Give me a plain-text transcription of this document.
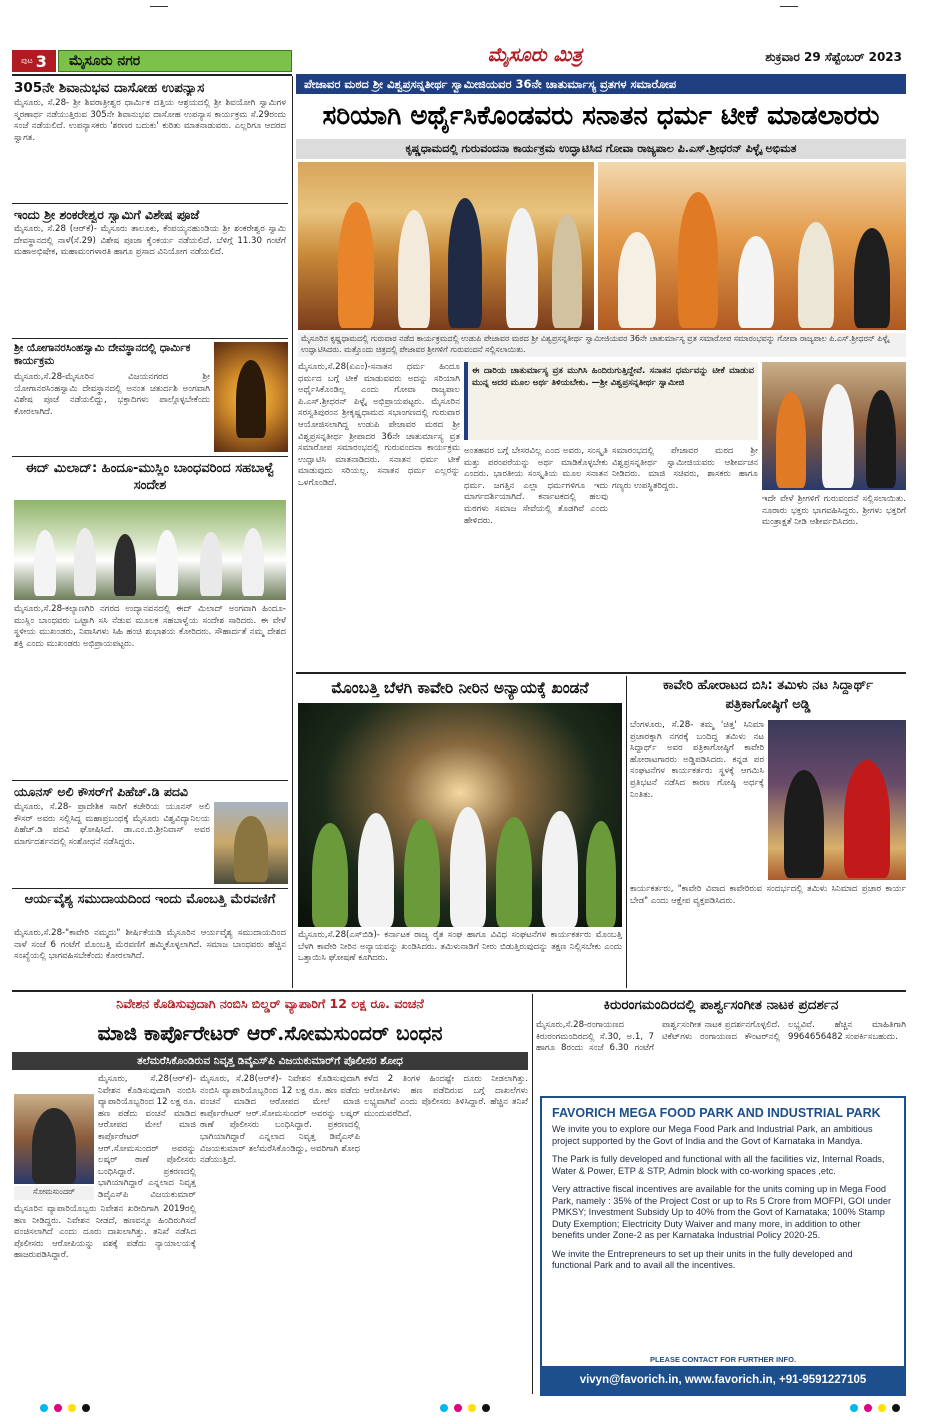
ಪುಟ 3	ಮೈಸೂರು ನಗರ	ಮೈಸೂರು ಮಿತ್ರ	ಶುಕ್ರವಾರ 29 ಸೆಪ್ಟೆಂಬರ್ 2023
305ನೇ ಶಿವಾನುಭವ ದಾಸೋಹ ಉಪನ್ಯಾಸ
ಮೈಸೂರು, ಸೆ.28- ಶ್ರೀ ಶಿವರಾತ್ರೀಶ್ವರ ಧಾರ್ಮಿಕ ದತ್ತಿಯ ಆಶ್ರಯದಲ್ಲಿ ಶ್ರೀ ಶಿವಯೋಗಿ ಸ್ವಾಮಿಗಳ ಸ್ಮರಣಾರ್ಥ ನಡೆಯುತ್ತಿರುವ 305ನೇ ಶಿವಾನುಭವ ದಾಸೋಹ ಉಪನ್ಯಾಸ ಕಾರ್ಯಕ್ರಮ ಸೆ.29ರಂದು ಸಂಜೆ ನಡೆಯಲಿದೆ. ಉಪನ್ಯಾಸಕರು 'ಶರಣರ ಬದುಕು' ಕುರಿತು ಮಾತನಾಡುವರು. ಎಲ್ಲರಿಗೂ ಆದರದ ಸ್ವಾಗತ.
ಇಂದು ಶ್ರೀ ಶಂಕರೇಶ್ವರ ಸ್ವಾಮಿಗೆ ವಿಶೇಷ ಪೂಜೆ
ಮೈಸೂರು, ಸೆ.28 (ಆರ್‌ಕೆ)- ಮೈಸೂರು ತಾಲೂಕು, ಕೆಂಪಯ್ಯನಹುಂಡಿಯ ಶ್ರೀ ಶಂಕರೇಶ್ವರ ಸ್ವಾಮಿ ದೇವಸ್ಥಾನದಲ್ಲಿ ನಾಳೆ(ಸೆ.29) ವಿಶೇಷ ಪೂಜಾ ಕೈಂಕರ್ಯ ನಡೆಯಲಿದೆ. ಬೆಳಿಗ್ಗೆ 11.30 ಗಂಟೆಗೆ ಮಹಾಅಭಿಷೇಕ, ಮಹಾಮಂಗಳಾರತಿ ಹಾಗೂ ಪ್ರಸಾದ ವಿನಿಯೋಗ ನಡೆಯಲಿದೆ.
ಶ್ರೀ ಯೋಗಾನರಸಿಂಹಸ್ವಾಮಿ ದೇವಸ್ಥಾನದಲ್ಲಿ ಧಾರ್ಮಿಕ ಕಾರ್ಯಕ್ರಮ
ಮೈಸೂರು,ಸೆ.28-ಮೈಸೂರಿನ ವಿಜಯನಗರದ ಶ್ರೀ ಯೋಗಾನರಸಿಂಹಸ್ವಾಮಿ ದೇವಸ್ಥಾನದಲ್ಲಿ ಅನಂತ ಚತುರ್ದಶಿ ಅಂಗವಾಗಿ ವಿಶೇಷ ಪೂಜೆ ನಡೆಯಲಿದ್ದು, ಭಕ್ತಾದಿಗಳು ಪಾಲ್ಗೊಳ್ಳಬೇಕೆಂದು ಕೋರಲಾಗಿದೆ.
ಈದ್ ಮಿಲಾದ್: ಹಿಂದೂ-ಮುಸ್ಲಿಂ ಬಾಂಧವರಿಂದ ಸಹಬಾಳ್ವೆ ಸಂದೇಶ
ಮೈಸೂರು,ಸೆ.28-ಕಲ್ಯಾಣಗಿರಿ ನಗರದ ಉದ್ಯಾನವನದಲ್ಲಿ ಈದ್ ಮಿಲಾದ್ ಅಂಗವಾಗಿ ಹಿಂದೂ-ಮುಸ್ಲಿಂ ಬಾಂಧವರು ಒಟ್ಟಾಗಿ ಸಸಿ ನೆಡುವ ಮೂಲಕ ಸಹಬಾಳ್ವೆಯ ಸಂದೇಶ ಸಾರಿದರು. ಈ ವೇಳೆ ಸ್ಥಳೀಯ ಮುಖಂಡರು, ನಿವಾಸಿಗಳು ಸಿಹಿ ಹಂಚಿ ಶುಭಾಶಯ ಕೋರಿದರು. ಸೌಹಾರ್ದತೆ ನಮ್ಮ ದೇಶದ ಶಕ್ತಿ ಎಂದು ಮುಖಂಡರು ಅಭಿಪ್ರಾಯಪಟ್ಟರು.
ಯೂನಸ್ ಅಲಿ ಕೌಸರ್‌ಗೆ ಪಿಹೆಚ್.ಡಿ ಪದವಿ
ಮೈಸೂರು, ಸೆ.28- ಪ್ರಾದೇಶಿಕ ಸಾರಿಗೆ ಕಚೇರಿಯ ಯೂನಸ್ ಅಲಿ ಕೌಸರ್ ಅವರು ಸಲ್ಲಿಸಿದ್ದ ಮಹಾಪ್ರಬಂಧಕ್ಕೆ ಮೈಸೂರು ವಿಶ್ವವಿದ್ಯಾನಿಲಯ ಪಿಹೆಚ್.ಡಿ ಪದವಿ ಘೋಷಿಸಿದೆ. ಡಾ.ಎಂ.ಬಿ.ಶ್ರೀನಿವಾಸ್ ಅವರ ಮಾರ್ಗದರ್ಶನದಲ್ಲಿ ಸಂಶೋಧನೆ ನಡೆಸಿದ್ದರು.
ಆರ್ಯವೈಶ್ಯ ಸಮುದಾಯದಿಂದ ಇಂದು ಮೊಂಬತ್ತಿ ಮೆರವಣಿಗೆ
ಮೈಸೂರು,ಸೆ.28-"ಕಾವೇರಿ ನಮ್ಮದು" ಶೀರ್ಷಿಕೆಯಡಿ ಮೈಸೂರಿನ ಆರ್ಯವೈಶ್ಯ ಸಮುದಾಯದಿಂದ ನಾಳೆ ಸಂಜೆ 6 ಗಂಟೆಗೆ ಮೊಂಬತ್ತಿ ಮೆರವಣಿಗೆ ಹಮ್ಮಿಕೊಳ್ಳಲಾಗಿದೆ. ಸಮಾಜ ಬಾಂಧವರು ಹೆಚ್ಚಿನ ಸಂಖ್ಯೆಯಲ್ಲಿ ಭಾಗವಹಿಸಬೇಕೆಂದು ಕೋರಲಾಗಿದೆ.
ಪೇಜಾವರ ಮಠದ ಶ್ರೀ ವಿಶ್ವಪ್ರಸನ್ನತೀರ್ಥ ಸ್ವಾಮೀಜಿಯವರ 36ನೇ ಚಾತುರ್ಮಾಸ್ಯ ವ್ರತಗಳ ಸಮಾರೋಪ
ಸರಿಯಾಗಿ ಅರ್ಥೈಸಿಕೊಂಡವರು ಸನಾತನ ಧರ್ಮ ಟೀಕೆ ಮಾಡಲಾರರು
ಕೃಷ್ಣಧಾಮದಲ್ಲಿ ಗುರುವಂದನಾ ಕಾರ್ಯಕ್ರಮ ಉದ್ಘಾಟಿಸಿದ ಗೋವಾ ರಾಜ್ಯಪಾಲ ಪಿ.ಎಸ್.ಶ್ರೀಧರನ್ ಪಿಳ್ಳೈ ಅಭಿಮತ
ಮೈಸೂರಿನ ಕೃಷ್ಣಧಾಮದಲ್ಲಿ ಗುರುವಾರ ನಡೆದ ಕಾರ್ಯಕ್ರಮದಲ್ಲಿ ಉಡುಪಿ ಪೇಜಾವರ ಮಠದ ಶ್ರೀ ವಿಶ್ವಪ್ರಸನ್ನತೀರ್ಥ ಸ್ವಾಮೀಜಿಯವರ 36ನೇ ಚಾತುರ್ಮಾಸ್ಯ ವ್ರತ ಸಮಾರೋಪ ಸಮಾರಂಭವನ್ನು ಗೋವಾ ರಾಜ್ಯಪಾಲ ಪಿ.ಎಸ್.ಶ್ರೀಧರನ್ ಪಿಳ್ಳೈ ಉದ್ಘಾಟಿಸಿದರು. ಮತ್ತೊಂದು ಚಿತ್ರದಲ್ಲಿ ಪೇಜಾವರ ಶ್ರೀಗಳಿಗೆ ಗುರುವಂದನೆ ಸಲ್ಲಿಸಲಾಯಿತು.
ಮೈಸೂರು,ಸೆ.28(ಏಎಂ)-ಸನಾತನ ಧರ್ಮ ಹಿಂದೂ ಧರ್ಮದ ಬಗ್ಗೆ ಟೀಕೆ ಮಾಡುವವರು ಅದನ್ನು ಸರಿಯಾಗಿ ಅರ್ಥೈಸಿಕೊಂಡಿಲ್ಲ ಎಂದು ಗೋವಾ ರಾಜ್ಯಪಾಲ ಪಿ.ಎಸ್.ಶ್ರೀಧರನ್ ಪಿಳ್ಳೈ ಅಭಿಪ್ರಾಯಪಟ್ಟರು. ಮೈಸೂರಿನ ಸರಸ್ವತಿಪುರಂನ ಶ್ರೀಕೃಷ್ಣಧಾಮದ ಸಭಾಂಗಣದಲ್ಲಿ ಗುರುವಾರ ಆಯೋಜಿಸಲಾಗಿದ್ದ ಉಡುಪಿ ಪೇಜಾವರ ಮಠದ ಶ್ರೀ ವಿಶ್ವಪ್ರಸನ್ನತೀರ್ಥ ಶ್ರೀಪಾದರ 36ನೇ ಚಾತುರ್ಮಾಸ್ಯ ವ್ರತ ಸಮಾರೋಪ ಸಮಾರಂಭದಲ್ಲಿ ಗುರುವಂದನಾ ಕಾರ್ಯಕ್ರಮ ಉದ್ಘಾಟಿಸಿ ಮಾತನಾಡಿದರು. ಸನಾತನ ಧರ್ಮ ಟೀಕೆ ಮಾಡುವುದು ಸರಿಯಲ್ಲ. ಸನಾತನ ಧರ್ಮ ಎಲ್ಲರನ್ನು ಒಳಗೊಂಡಿದೆ.
ಈ ದಾರಿಯ ಚಾತುರ್ಮಾಸ್ಯ ವ್ರತ ಮುಗಿಸಿ ಹಿಂದಿರುಗುತ್ತಿದ್ದೇವೆ. ಸನಾತನ ಧರ್ಮವನ್ನು ಟೀಕೆ ಮಾಡುವ ಮುನ್ನ ಅದರ ಮೂಲ ಅರ್ಥ ತಿಳಿಯಬೇಕು. —ಶ್ರೀ ವಿಶ್ವಪ್ರಸನ್ನತೀರ್ಥ ಸ್ವಾಮೀಜಿ
ಅಂತಹವರ ಬಗ್ಗೆ ಬೇಸರವಿಲ್ಲ ಎಂದ ಅವರು, ಸಂಸ್ಕೃತಿ ಮತ್ತು ಪರಂಪರೆಯನ್ನು ಅರ್ಥ ಮಾಡಿಕೊಳ್ಳಬೇಕು ಎಂದರು. ಭಾರತೀಯ ಸಂಸ್ಕೃತಿಯ ಮೂಲ ಸನಾತನ ಧರ್ಮ. ಜಗತ್ತಿನ ಎಲ್ಲಾ ಧರ್ಮಗಳಿಗೂ ಇದು ಮಾರ್ಗದರ್ಶಿಯಾಗಿದೆ. ಕರ್ನಾಟಕದಲ್ಲಿ ಹಲವು ಮಠಗಳು ಸಮಾಜ ಸೇವೆಯಲ್ಲಿ ತೊಡಗಿವೆ ಎಂದು ಹೇಳಿದರು.
ಸಮಾರಂಭದಲ್ಲಿ ಪೇಜಾವರ ಮಠದ ಶ್ರೀ ವಿಶ್ವಪ್ರಸನ್ನತೀರ್ಥ ಸ್ವಾಮೀಜಿಯವರು ಆಶೀರ್ವಚನ ನೀಡಿದರು. ಮಾಜಿ ಸಚಿವರು, ಶಾಸಕರು ಹಾಗೂ ಗಣ್ಯರು ಉಪಸ್ಥಿತರಿದ್ದರು.
ಇದೇ ವೇಳೆ ಶ್ರೀಗಳಿಗೆ ಗುರುವಂದನೆ ಸಲ್ಲಿಸಲಾಯಿತು. ನೂರಾರು ಭಕ್ತರು ಭಾಗವಹಿಸಿದ್ದರು. ಶ್ರೀಗಳು ಭಕ್ತರಿಗೆ ಮಂತ್ರಾಕ್ಷತೆ ನೀಡಿ ಆಶೀರ್ವದಿಸಿದರು.
ಮೊಂಬತ್ತಿ ಬೆಳಗಿ ಕಾವೇರಿ ನೀರಿನ ಅನ್ಯಾಯಕ್ಕೆ ಖಂಡನೆ
ಮೈಸೂರು,ಸೆ.28(ಎಸ್‌ಬಿಡಿ)- ಕರ್ನಾಟಕ ರಾಜ್ಯ ರೈತ ಸಂಘ ಹಾಗೂ ವಿವಿಧ ಸಂಘಟನೆಗಳ ಕಾರ್ಯಕರ್ತರು ಮೊಂಬತ್ತಿ ಬೆಳಗಿ ಕಾವೇರಿ ನೀರಿನ ಅನ್ಯಾಯವನ್ನು ಖಂಡಿಸಿದರು. ತಮಿಳುನಾಡಿಗೆ ನೀರು ಬಿಡುತ್ತಿರುವುದನ್ನು ತಕ್ಷಣ ನಿಲ್ಲಿಸಬೇಕು ಎಂದು ಒತ್ತಾಯಿಸಿ ಘೋಷಣೆ ಕೂಗಿದರು.
ಕಾವೇರಿ ಹೋರಾಟದ ಬಿಸಿ: ತಮಿಳು ನಟ ಸಿದ್ದಾರ್ಥ್ ಪತ್ರಿಕಾಗೋಷ್ಠಿಗೆ ಅಡ್ಡಿ
ಬೆಂಗಳೂರು, ಸೆ.28- ತಮ್ಮ 'ಚಿತ್ತ' ಸಿನಿಮಾ ಪ್ರಚಾರಕ್ಕಾಗಿ ನಗರಕ್ಕೆ ಬಂದಿದ್ದ ತಮಿಳು ನಟ ಸಿದ್ದಾರ್ಥ್ ಅವರ ಪತ್ರಿಕಾಗೋಷ್ಠಿಗೆ ಕಾವೇರಿ ಹೋರಾಟಗಾರರು ಅಡ್ಡಿಪಡಿಸಿದರು. ಕನ್ನಡ ಪರ ಸಂಘಟನೆಗಳ ಕಾರ್ಯಕರ್ತರು ಸ್ಥಳಕ್ಕೆ ಆಗಮಿಸಿ ಪ್ರತಿಭಟನೆ ನಡೆಸಿದ ಕಾರಣ ಗೋಷ್ಠಿ ಅರ್ಧಕ್ಕೆ ನಿಂತಿತು.
ಕಾರ್ಯಕರ್ತರು, "ಕಾವೇರಿ ವಿವಾದ ಕಾವೇರಿರುವ ಸಂದರ್ಭದಲ್ಲಿ ತಮಿಳು ಸಿನಿಮಾದ ಪ್ರಚಾರ ಕಾರ್ಯ ಬೇಡ" ಎಂದು ಆಕ್ಷೇಪ ವ್ಯಕ್ತಪಡಿಸಿದರು.
ನಿವೇಶನ ಕೊಡಿಸುವುದಾಗಿ ನಂಬಿಸಿ ಬಿಲ್ಡರ್ ವ್ಯಾಪಾರಿಗೆ 12 ಲಕ್ಷ ರೂ. ವಂಚನೆ
ಮಾಜಿ ಕಾರ್ಪೊರೇಟರ್ ಆರ್.ಸೋಮಸುಂದರ್ ಬಂಧನ
ತಲೆಮರೆಸಿಕೊಂಡಿರುವ ನಿವೃತ್ತ ಡಿವೈಎಸ್‌ಪಿ ವಿಜಯಕುಮಾರ್‌ಗೆ ಪೊಲೀಸರ ಶೋಧ
ಸೋಮಸುಂದರ್
ಮೈಸೂರು, ಸೆ.28(ಆರ್‌ಕೆ)- ನಿವೇಶನ ಕೊಡಿಸುವುದಾಗಿ ನಂಬಿಸಿ ವ್ಯಾಪಾರಿಯೊಬ್ಬರಿಂದ 12 ಲಕ್ಷ ರೂ. ಹಣ ಪಡೆದು ವಂಚನೆ ಮಾಡಿದ ಆರೋಪದ ಮೇಲೆ ಮಾಜಿ ಕಾರ್ಪೊರೇಟರ್ ಆರ್.ಸೋಮಸುಂದರ್ ಅವರನ್ನು ಲಷ್ಕರ್ ಠಾಣೆ ಪೊಲೀಸರು ಬಂಧಿಸಿದ್ದಾರೆ. ಪ್ರಕರಣದಲ್ಲಿ ಭಾಗಿಯಾಗಿದ್ದಾರೆ ಎನ್ನಲಾದ ನಿವೃತ್ತ ಡಿವೈಎಸ್‌ಪಿ ವಿಜಯಕುಮಾರ್
ಮೈಸೂರಿನ ವ್ಯಾಪಾರಿಯೊಬ್ಬರು ನಿವೇಶನ ಖರೀದಿಗಾಗಿ 2019ರಲ್ಲಿ ಹಣ ನೀಡಿದ್ದರು. ನಿವೇಶನ ನೀಡದೆ, ಹಣವನ್ನೂ ಹಿಂದಿರುಗಿಸದೆ ವಂಚಿಸಲಾಗಿದೆ ಎಂದು ದೂರು ದಾಖಲಾಗಿತ್ತು. ತನಿಖೆ ನಡೆಸಿದ ಪೊಲೀಸರು ಆರೋಪಿಯನ್ನು ವಶಕ್ಕೆ ಪಡೆದು ನ್ಯಾಯಾಲಯಕ್ಕೆ ಹಾಜರುಪಡಿಸಿದ್ದಾರೆ.
ಮೈಸೂರು, ಸೆ.28(ಆರ್‌ಕೆ)- ನಿವೇಶನ ಕೊಡಿಸುವುದಾಗಿ ನಂಬಿಸಿ ವ್ಯಾಪಾರಿಯೊಬ್ಬರಿಂದ 12 ಲಕ್ಷ ರೂ. ಹಣ ಪಡೆದು ವಂಚನೆ ಮಾಡಿದ ಆರೋಪದ ಮೇಲೆ ಮಾಜಿ ಕಾರ್ಪೊರೇಟರ್ ಆರ್.ಸೋಮಸುಂದರ್ ಅವರನ್ನು ಲಷ್ಕರ್ ಠಾಣೆ ಪೊಲೀಸರು ಬಂಧಿಸಿದ್ದಾರೆ. ಪ್ರಕರಣದಲ್ಲಿ ಭಾಗಿಯಾಗಿದ್ದಾರೆ ಎನ್ನಲಾದ ನಿವೃತ್ತ ಡಿವೈಎಸ್‌ಪಿ ವಿಜಯಕುಮಾರ್ ತಲೆಮರೆಸಿಕೊಂಡಿದ್ದು, ಅವರಿಗಾಗಿ ಶೋಧ ನಡೆಯುತ್ತಿದೆ.
ಕಳೆದ 2 ತಿಂಗಳ ಹಿಂದಷ್ಟೇ ದೂರು ನೀಡಲಾಗಿತ್ತು. ಆರೋಪಿಗಳು ಹಣ ಪಡೆದಿರುವ ಬಗ್ಗೆ ದಾಖಲೆಗಳು ಲಭ್ಯವಾಗಿವೆ ಎಂದು ಪೊಲೀಸರು ತಿಳಿಸಿದ್ದಾರೆ. ಹೆಚ್ಚಿನ ತನಿಖೆ ಮುಂದುವರೆದಿದೆ.
ಕಿರುರಂಗಮಂದಿರದಲ್ಲಿ ಪಾರ್ಶ್ವಸಂಗೀತ ನಾಟಕ ಪ್ರದರ್ಶನ
ಮೈಸೂರು,ಸೆ.28-ರಂಗಾಯಣದ ಕಿರುರಂಗಮಂದಿರದಲ್ಲಿ ಸೆ.30, ಅ.1, 7 ಹಾಗೂ 8ರಂದು ಸಂಜೆ 6.30 ಗಂಟೆಗೆ ಪಾರ್ಶ್ವಸಂಗೀತ ನಾಟಕ ಪ್ರದರ್ಶನಗೊಳ್ಳಲಿದೆ. ಟಿಕೆಟ್‌ಗಳು ರಂಗಾಯಣದ ಕೌಂಟರ್‌ನಲ್ಲಿ ಲಭ್ಯವಿವೆ. ಹೆಚ್ಚಿನ ಮಾಹಿತಿಗಾಗಿ 9964656482 ಸಂಪರ್ಕಿಸಬಹುದು.
FAVORICH MEGA FOOD PARK AND INDUSTRIAL PARK

We invite you to explore our Mega Food Park and Industrial Park, an ambitious project supported by the Govt of India and the Govt of Karnataka in Mandya.

The Park is fully developed and functional with all the facilities viz, Internal Roads, Water & Power, ETP & STP, Admin block with co-working spaces ,etc.

Very attractive fiscal incentives are available for the units coming up in Mega Food Park, namely : 35% of the Project Cost or up to Rs 5 Crore from MOFPI, GOI under PMKSY; Investment Subsidy Up to 40% from the Govt of Karnataka; 100% Stamp Duty Exemption; Electricity Duty Waiver and many more, in addition to other benefits under Zone-2 as per Karnataka Industrial Policy 2020-25.

We invite the Entrepreneurs to set up their units in the fully developed and functional Park and to avail all the incentives.

PLEASE CONTACT FOR FURTHER INFO.
vivyn@favorich.in, www.favorich.in, +91-9591227105
